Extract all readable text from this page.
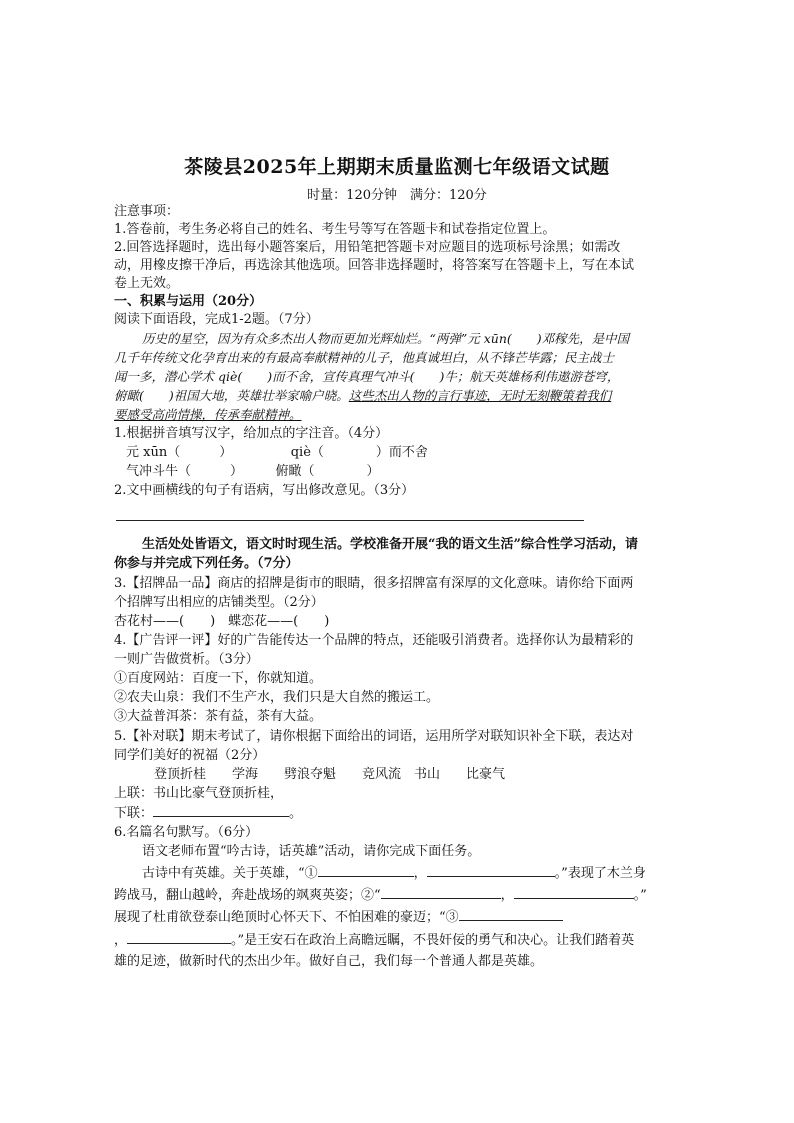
茶陵县2025年上期期末质量监测七年级语文试题
时量：120分钟　满分：120分
注意事项：
1.答卷前，考生务必将自己的姓名、考生号等写在答题卡和试卷指定位置上。
2.回答选择题时，选出每小题答案后，用铅笔把答题卡对应题目的选项标号涂黑；如需改
动，用橡皮擦干净后，再选涂其他选项。回答非选择题时，将答案写在答题卡上，写在本试
卷上无效。
一、积累与运用（20分）
阅读下面语段，完成1-2题。（7分）
历史的星空，因为有众多杰出人物而更加光辉灿烂。“两弹”元 xūn(　　)邓稼先，是中国
几千年传统文化孕育出来的有最高奉献精神的儿子，他真诚坦白，从不锋芒毕露；民主战士
闻一多，潜心学术 qiè(　　)而不舍，宣传真理气冲斗(　　)牛；航天英雄杨利伟遨游苍穹，
俯瞰(　　)祖国大地，英雄壮举家喻户晓。这些杰出人物的言行事迹，无时无刻鞭策着我们
要感受高尚情操，传承奉献精神。
1.根据拼音填写汉字，给加点的字注音。（4分）
元 xūn（　　　）　　　　　qiè（　　　　）而不舍
气冲斗牛（　　　）　　　俯瞰（　　　　）
2.文中画横线的句子有语病，写出修改意见。（3分）
生活处处皆语文，语文时时现生活。学校准备开展“我的语文生活”综合性学习活动，请
你参与并完成下列任务。（7分）
3.【招牌品一品】商店的招牌是街市的眼睛，很多招牌富有深厚的文化意味。请你给下面两
个招牌写出相应的店铺类型。（2分）
杏花村——(　　)　蝶恋花——(　　)
4.【广告评一评】好的广告能传达一个品牌的特点，还能吸引消费者。选择你认为最精彩的
一则广告做赏析。（3分）
①百度网站：百度一下，你就知道。
②农夫山泉：我们不生产水，我们只是大自然的搬运工。
③大益普洱茶：茶有益，茶有大益。
5.【补对联】期末考试了，请你根据下面给出的词语，运用所学对联知识补全下联，表达对
同学们美好的祝福（2分）
登顶折桂　　学海　　劈浪夺魁　　竞风流　书山　　比豪气
上联：书山比豪气登顶折桂，
下联：	。
6.名篇名句默写。（6分）
语文老师布置“吟古诗，话英雄”活动，请你完成下面任务。
古诗中有英雄。关于英雄，“①	，	。”表现了木兰身
跨战马，翻山越岭，奔赴战场的飒爽英姿；②“	，	。”
展现了杜甫欲登泰山绝顶时心怀天下、不怕困难的豪迈；“③
，	。”是王安石在政治上高瞻远瞩，不畏奸佞的勇气和决心。让我们踏着英
雄的足迹，做新时代的杰出少年。做好自己，我们每一个普通人都是英雄。
